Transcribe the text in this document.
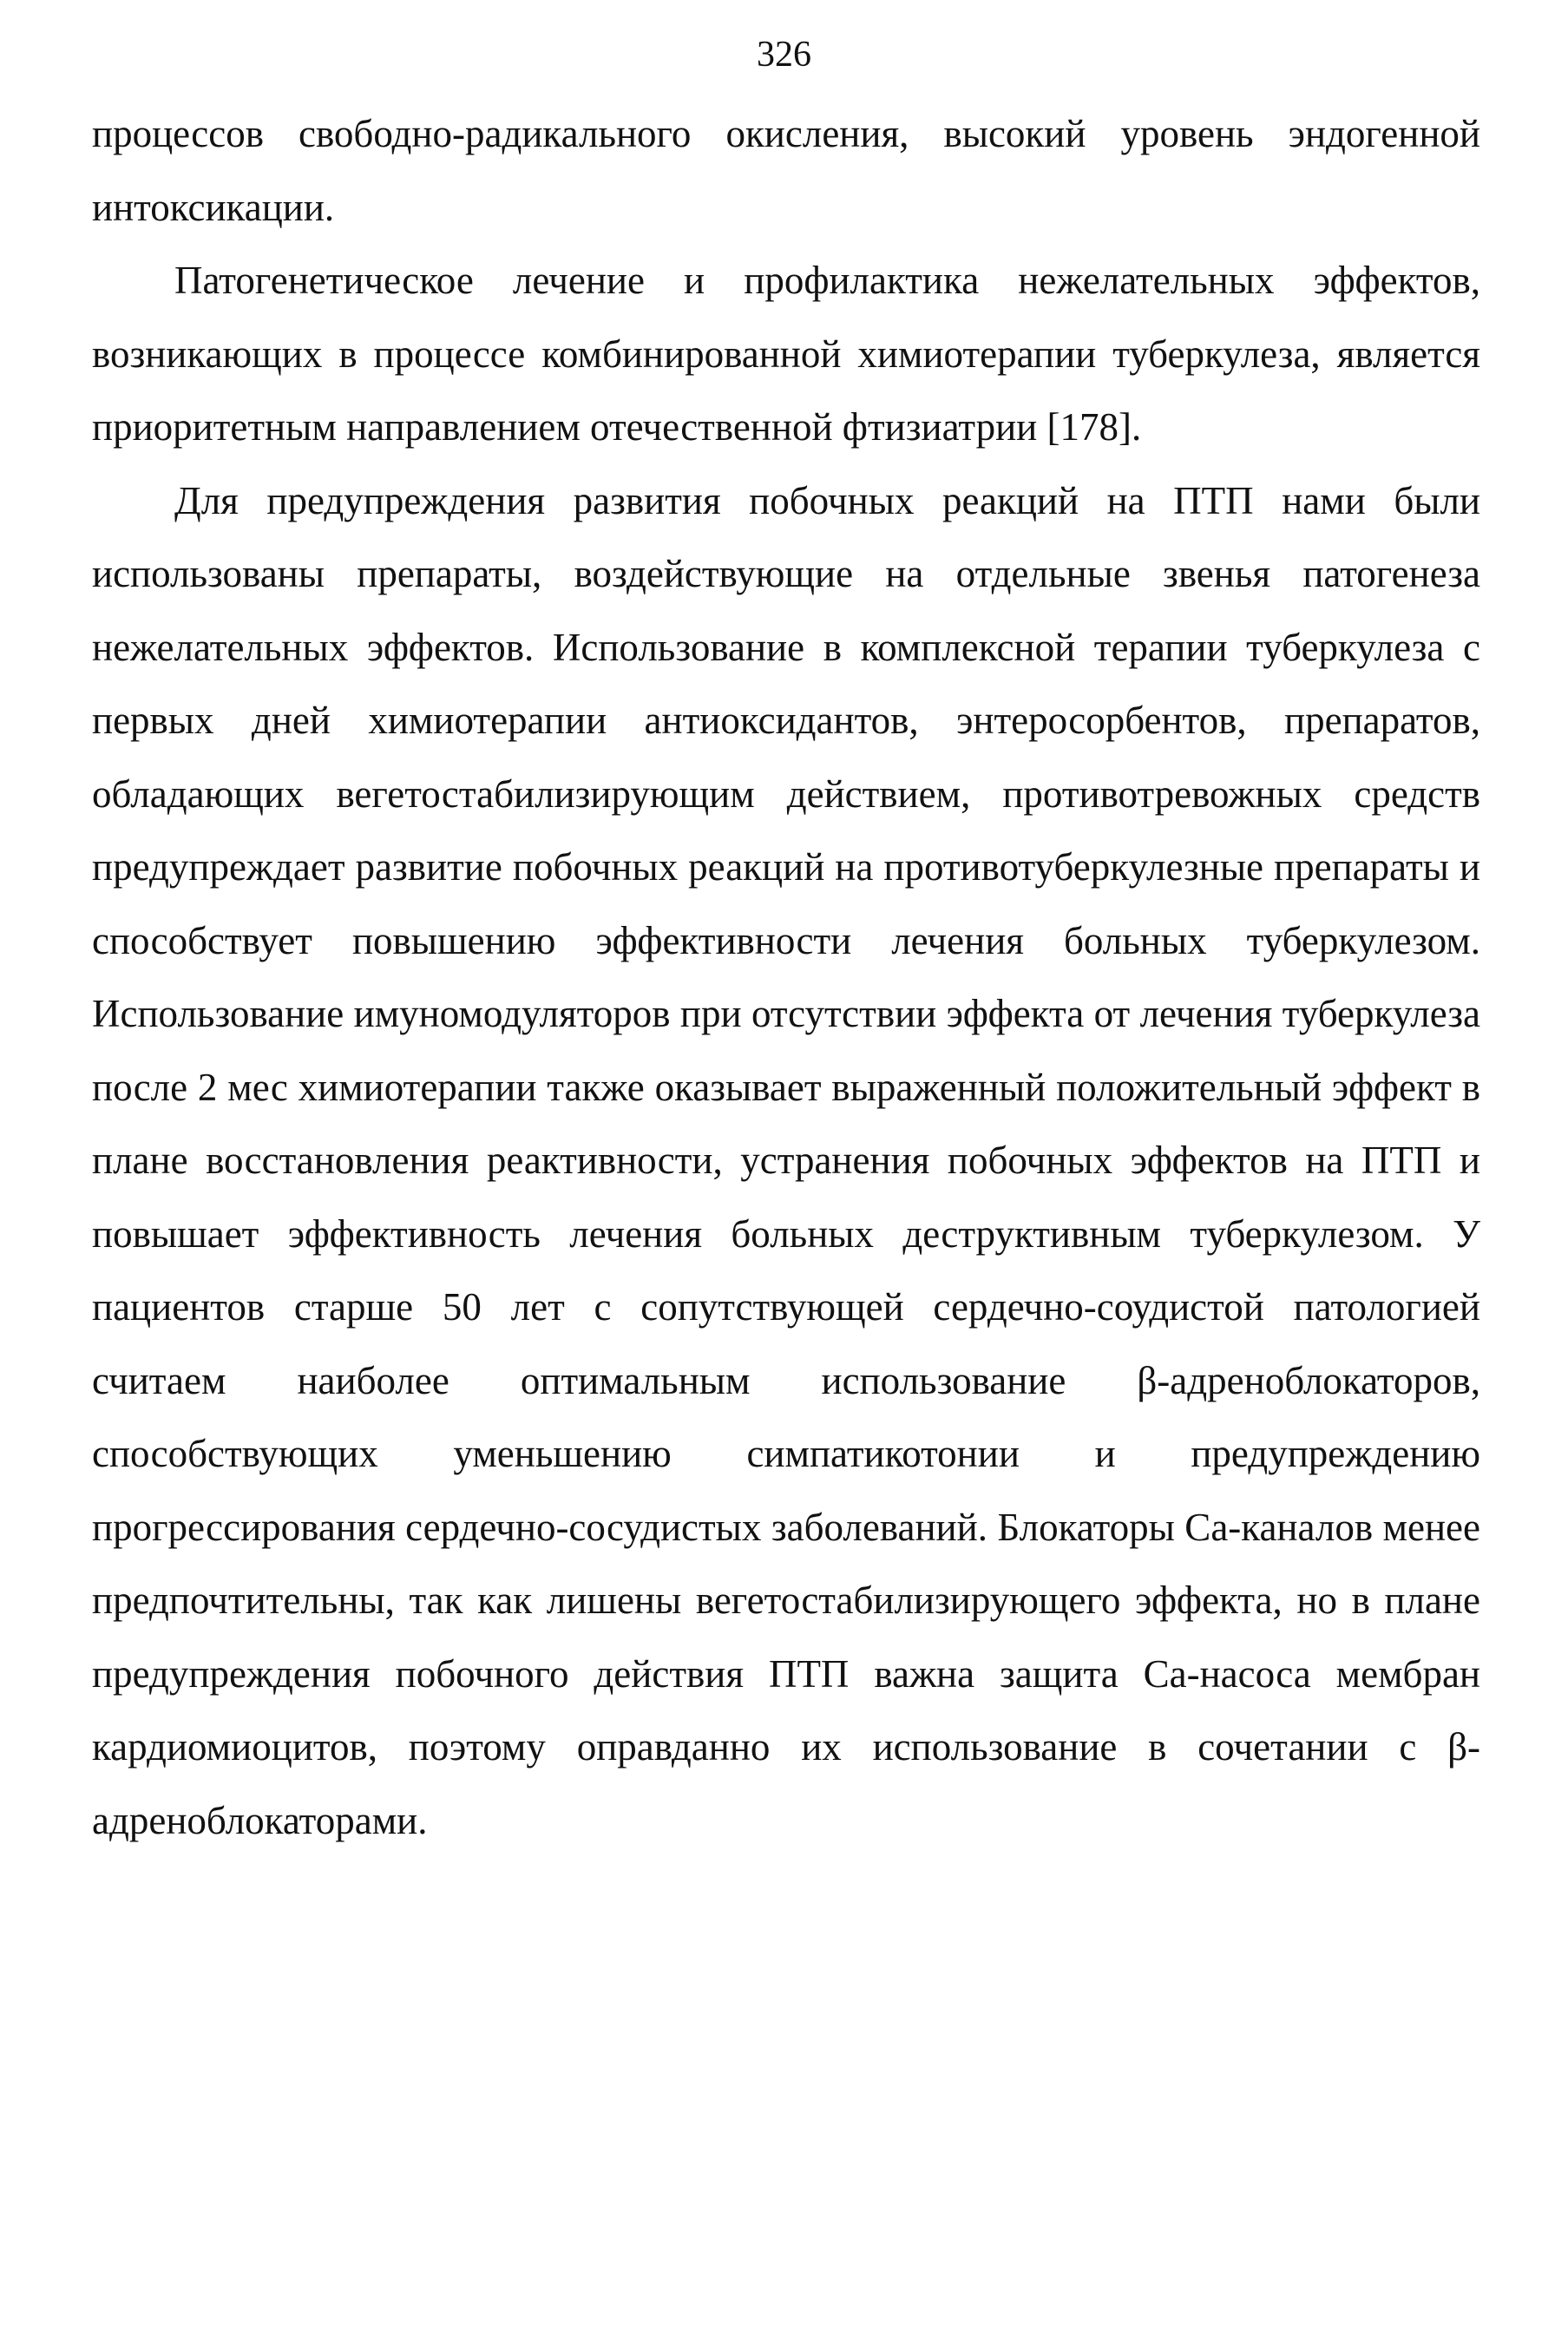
326

процессов свободно-радикального окисления, высокий уровень эндогенной интоксикации.

Патогенетическое лечение и профилактика нежелательных эффектов, возникающих в процессе комбинированной химиотерапии туберкулеза, является приоритетным направлением отечественной фтизиатрии [178].

Для предупреждения развития побочных реакций на ПТП нами были использованы препараты, воздействующие на отдельные звенья патогенеза нежелательных эффектов. Использование в комплексной терапии туберкулеза с первых дней химиотерапии антиоксидантов, энтеросорбентов, препаратов, обладающих вегетостабилизирующим действием, противотревожных средств предупреждает развитие побочных реакций на противотуберкулезные препараты и способствует повышению эффективности лечения больных туберкулезом. Использование имуномодуляторов при отсутствии эффекта от лечения туберкулеза после 2 мес химиотерапии также оказывает выраженный положительный эффект в плане восстановления реактивности, устранения побочных эффектов на ПТП и повышает эффективность лечения больных деструктивным туберкулезом. У пациентов старше 50 лет с сопутствующей сердечно-соудистой патологией считаем наиболее оптимальным использование β-адреноблокаторов, способствующих уменьшению симпатикотонии и предупреждению прогрессирования сердечно-сосудистых заболеваний. Блокаторы Са-каналов менее предпочтительны, так как лишены вегетостабилизирующего эффекта, но в плане предупреждения побочного действия ПТП важна защита Са-насоса мембран кардиомиоцитов, поэтому оправданно их использование в сочетании с β-адреноблокаторами.
